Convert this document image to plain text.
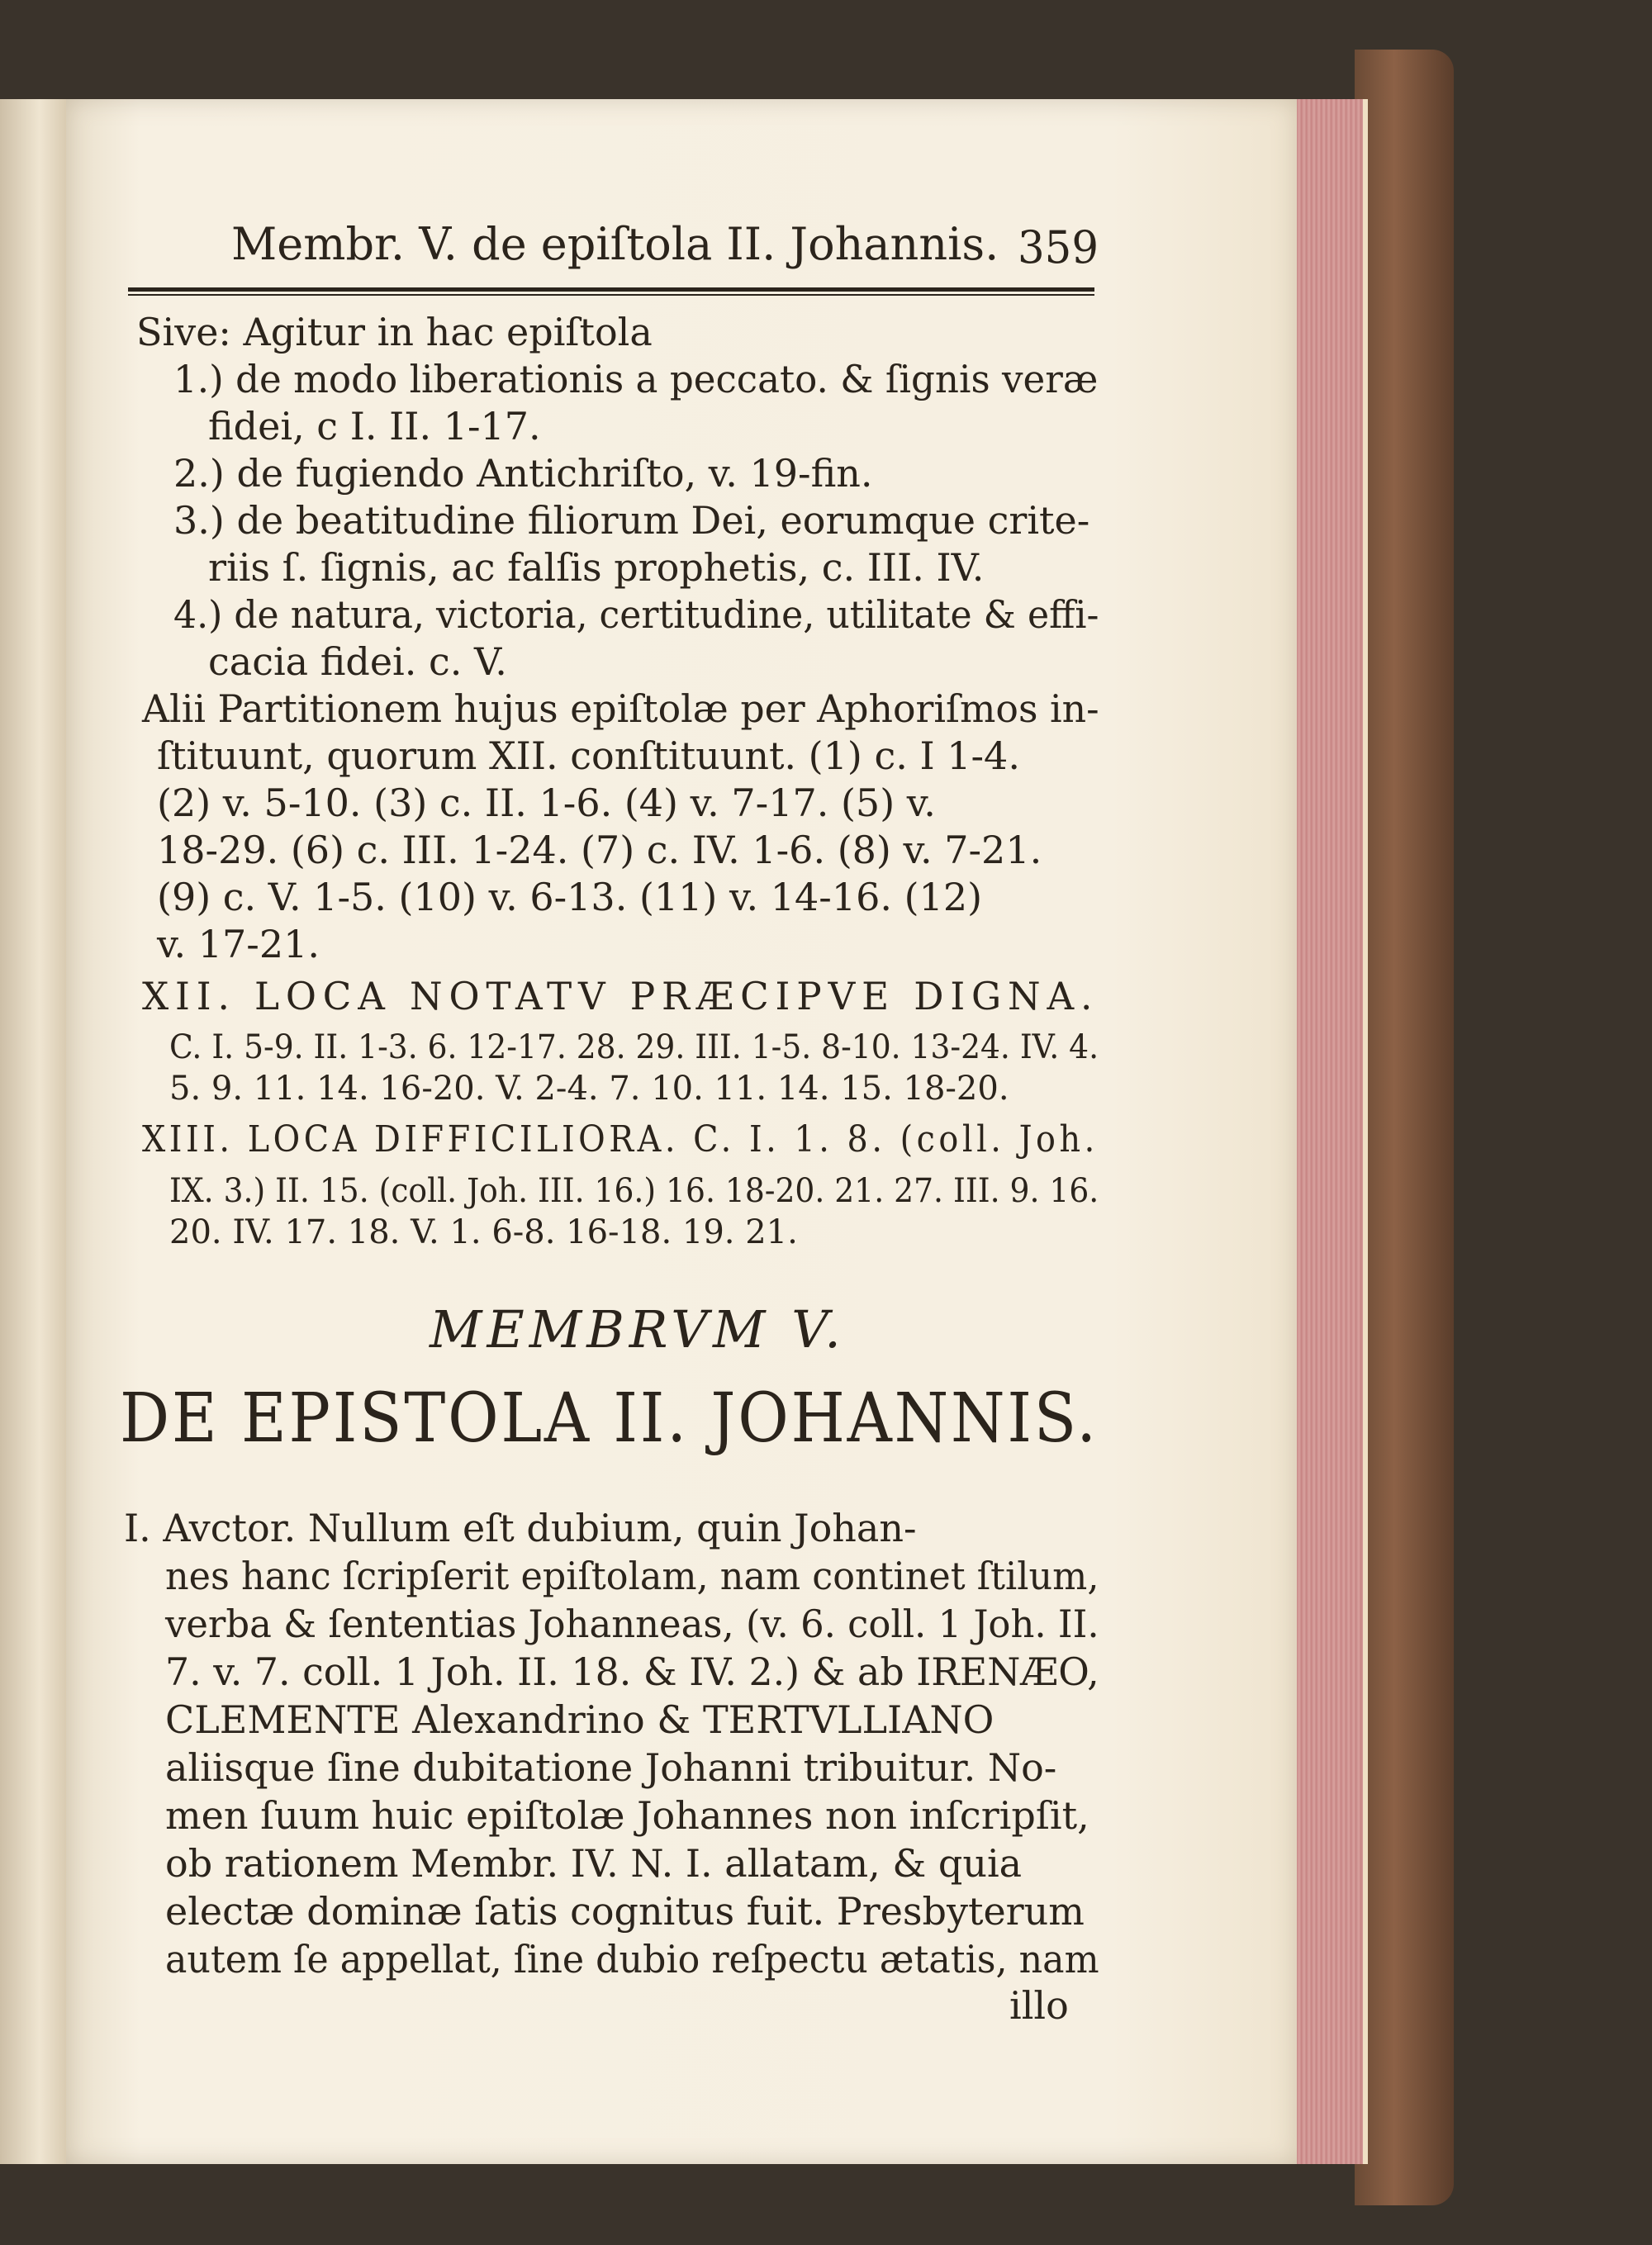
Membr. V. de epiſtola II. Johannis. 359
Sive: Agitur in hac epiſtola
1.) de modo liberationis a peccato. & ſignis veræ
fidei, c I. II. 1-17.
2.) de fugiendo Antichriſto, v. 19-fin.
3.) de beatitudine filiorum Dei, eorumque crite-
riis ſ. ſignis, ac falſis prophetis, c. III. IV.
4.) de natura, victoria, certitudine, utilitate & effi-
cacia fidei. c. V.
Alii Partitionem hujus epiſtolæ per Aphoriſmos in-
ſtituunt, quorum XII. conſtituunt. (1) c. I 1-4.
(2) v. 5-10. (3) c. II. 1-6. (4) v. 7-17. (5) v.
18-29. (6) c. III. 1-24. (7) c. IV. 1-6. (8) v. 7-21.
(9) c. V. 1-5. (10) v. 6-13. (11) v. 14-16. (12)
v. 17-21.
XII. LOCA NOTATV PRÆCIPVE DIGNA.
C. I. 5-9. II. 1-3. 6. 12-17. 28. 29. III. 1-5. 8-10. 13-24. IV. 4.
5. 9. 11. 14. 16-20. V. 2-4. 7. 10. 11. 14. 15. 18-20.
XIII. LOCA DIFFICILIORA. C. I. 1. 8. (coll. Joh.
IX. 3.) II. 15. (coll. Joh. III. 16.) 16. 18-20. 21. 27. III. 9. 16.
20. IV. 17. 18. V. 1. 6-8. 16-18. 19. 21.
MEMBRVM V.
DE EPISTOLA II. JOHANNIS.
I. Avctor. Nullum eſt dubium, quin Johan-
nes hanc ſcripſerit epiſtolam, nam continet ſtilum,
verba & ſententias Johanneas, (v. 6. coll. 1 Joh. II.
7. v. 7. coll. 1 Joh. II. 18. & IV. 2.) & ab IRENÆO,
CLEMENTE Alexandrino & TERTVLLIANO
aliisque ſine dubitatione Johanni tribuitur. No-
men ſuum huic epiſtolæ Johannes non inſcripſit,
ob rationem Membr. IV. N. I. allatam, & quia
electæ dominæ ſatis cognitus fuit. Presbyterum
autem ſe appellat, ſine dubio reſpectu ætatis, nam
illo
